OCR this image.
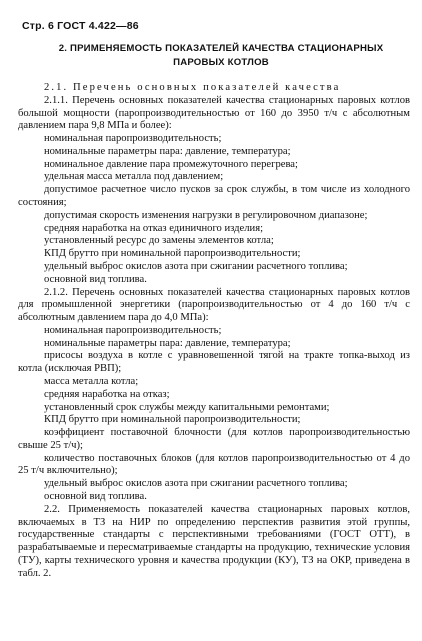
Стр. 6 ГОСТ 4.422—86
2. ПРИМЕНЯЕМОСТЬ ПОКАЗАТЕЛЕЙ КАЧЕСТВА СТАЦИОНАРНЫХ
ПАРОВЫХ КОТЛОВ

2.1. Перечень основных показателей качества

2.1.1. Перечень основных показателей качества стационарных паровых котлов большой мощности (паропроизводительностью от 160 до 3950 т/ч с абсолютным давлением пара 9,8 МПа и более):

номинальная паропроизводительность;

номинальные параметры пара: давление, температура;

номинальное давление пара промежуточного перегрева;

удельная масса металла под давлением;

допустимое расчетное число пусков за срок службы, в том числе из холодного состояния;

допустимая скорость изменения нагрузки в регулировочном диапазоне;

средняя наработка на отказ единичного изделия;

установленный ресурс до замены элементов котла;

КПД брутто при номинальной паропроизводительности;

удельный выброс окислов азота при сжигании расчетного топлива;

основной вид топлива.

2.1.2. Перечень основных показателей качества стационарных паровых котлов для промышленной энергетики (паропроизводительностью от 4 до 160 т/ч с абсолютным давлением пара до 4,0 МПа):

номинальная паропроизводительность;

номинальные параметры пара: давление, температура;

присосы воздуха в котле с уравновешенной тягой на тракте топка-выход из котла (исключая РВП);

масса металла котла;

средняя наработка на отказ;

установленный срок службы между капитальными ремонтами;

КПД брутто при номинальной паропроизводительности;

коэффициент поставочной блочности (для котлов паропроизводительностью свыше 25 т/ч);

количество поставочных блоков (для котлов паропроизводительностью от 4 до 25 т/ч включительно);

удельный выброс окислов азота при сжигании расчетного топлива;

основной вид топлива.

2.2. Применяемость показателей качества стационарных паровых котлов, включаемых в ТЗ на НИР по определению перспектив развития этой группы, государственные стандарты с перспективными требованиями (ГОСТ ОТТ), в разрабатываемые и пересматриваемые стандарты на продукцию, технические условия (ТУ), карты технического уровня и качества продукции (КУ), ТЗ на ОКР, приведена в табл. 2.
